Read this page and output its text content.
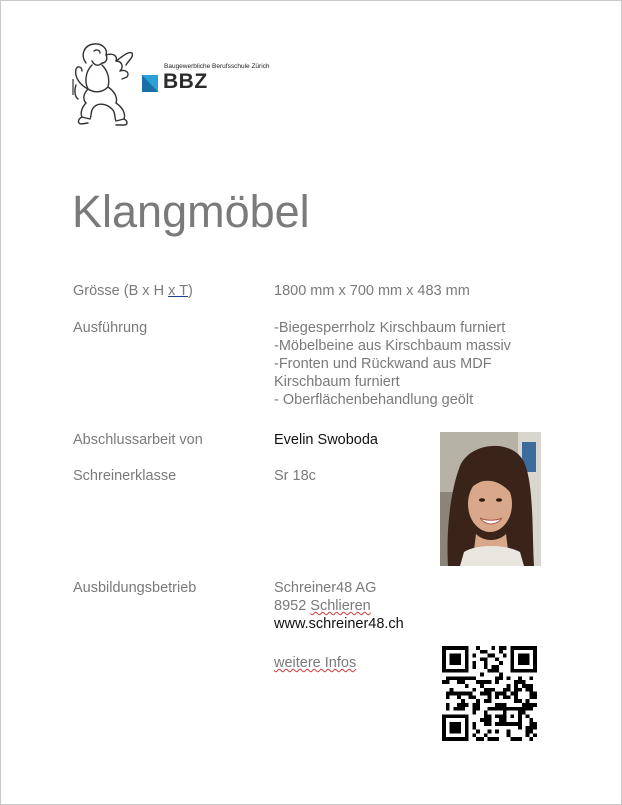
Baugewerbliche Berufsschule Zürich
BBZ
Klangmöbel
Grösse (B x H x T)	1800 mm x 700 mm x 483 mm
Ausführung	-Biegesperrholz Kirschbaum furniert
-Möbelbeine aus Kirschbaum massiv
-Fronten und Rückwand aus MDF
Kirschbaum furniert
- Oberflächenbehandlung geölt
Abschlussarbeit von	Evelin Swoboda
Schreinerklasse	Sr 18c
Ausbildungsbetrieb	Schreiner48 AG
8952 Schlieren
www.schreiner48.ch
weitere Infos
